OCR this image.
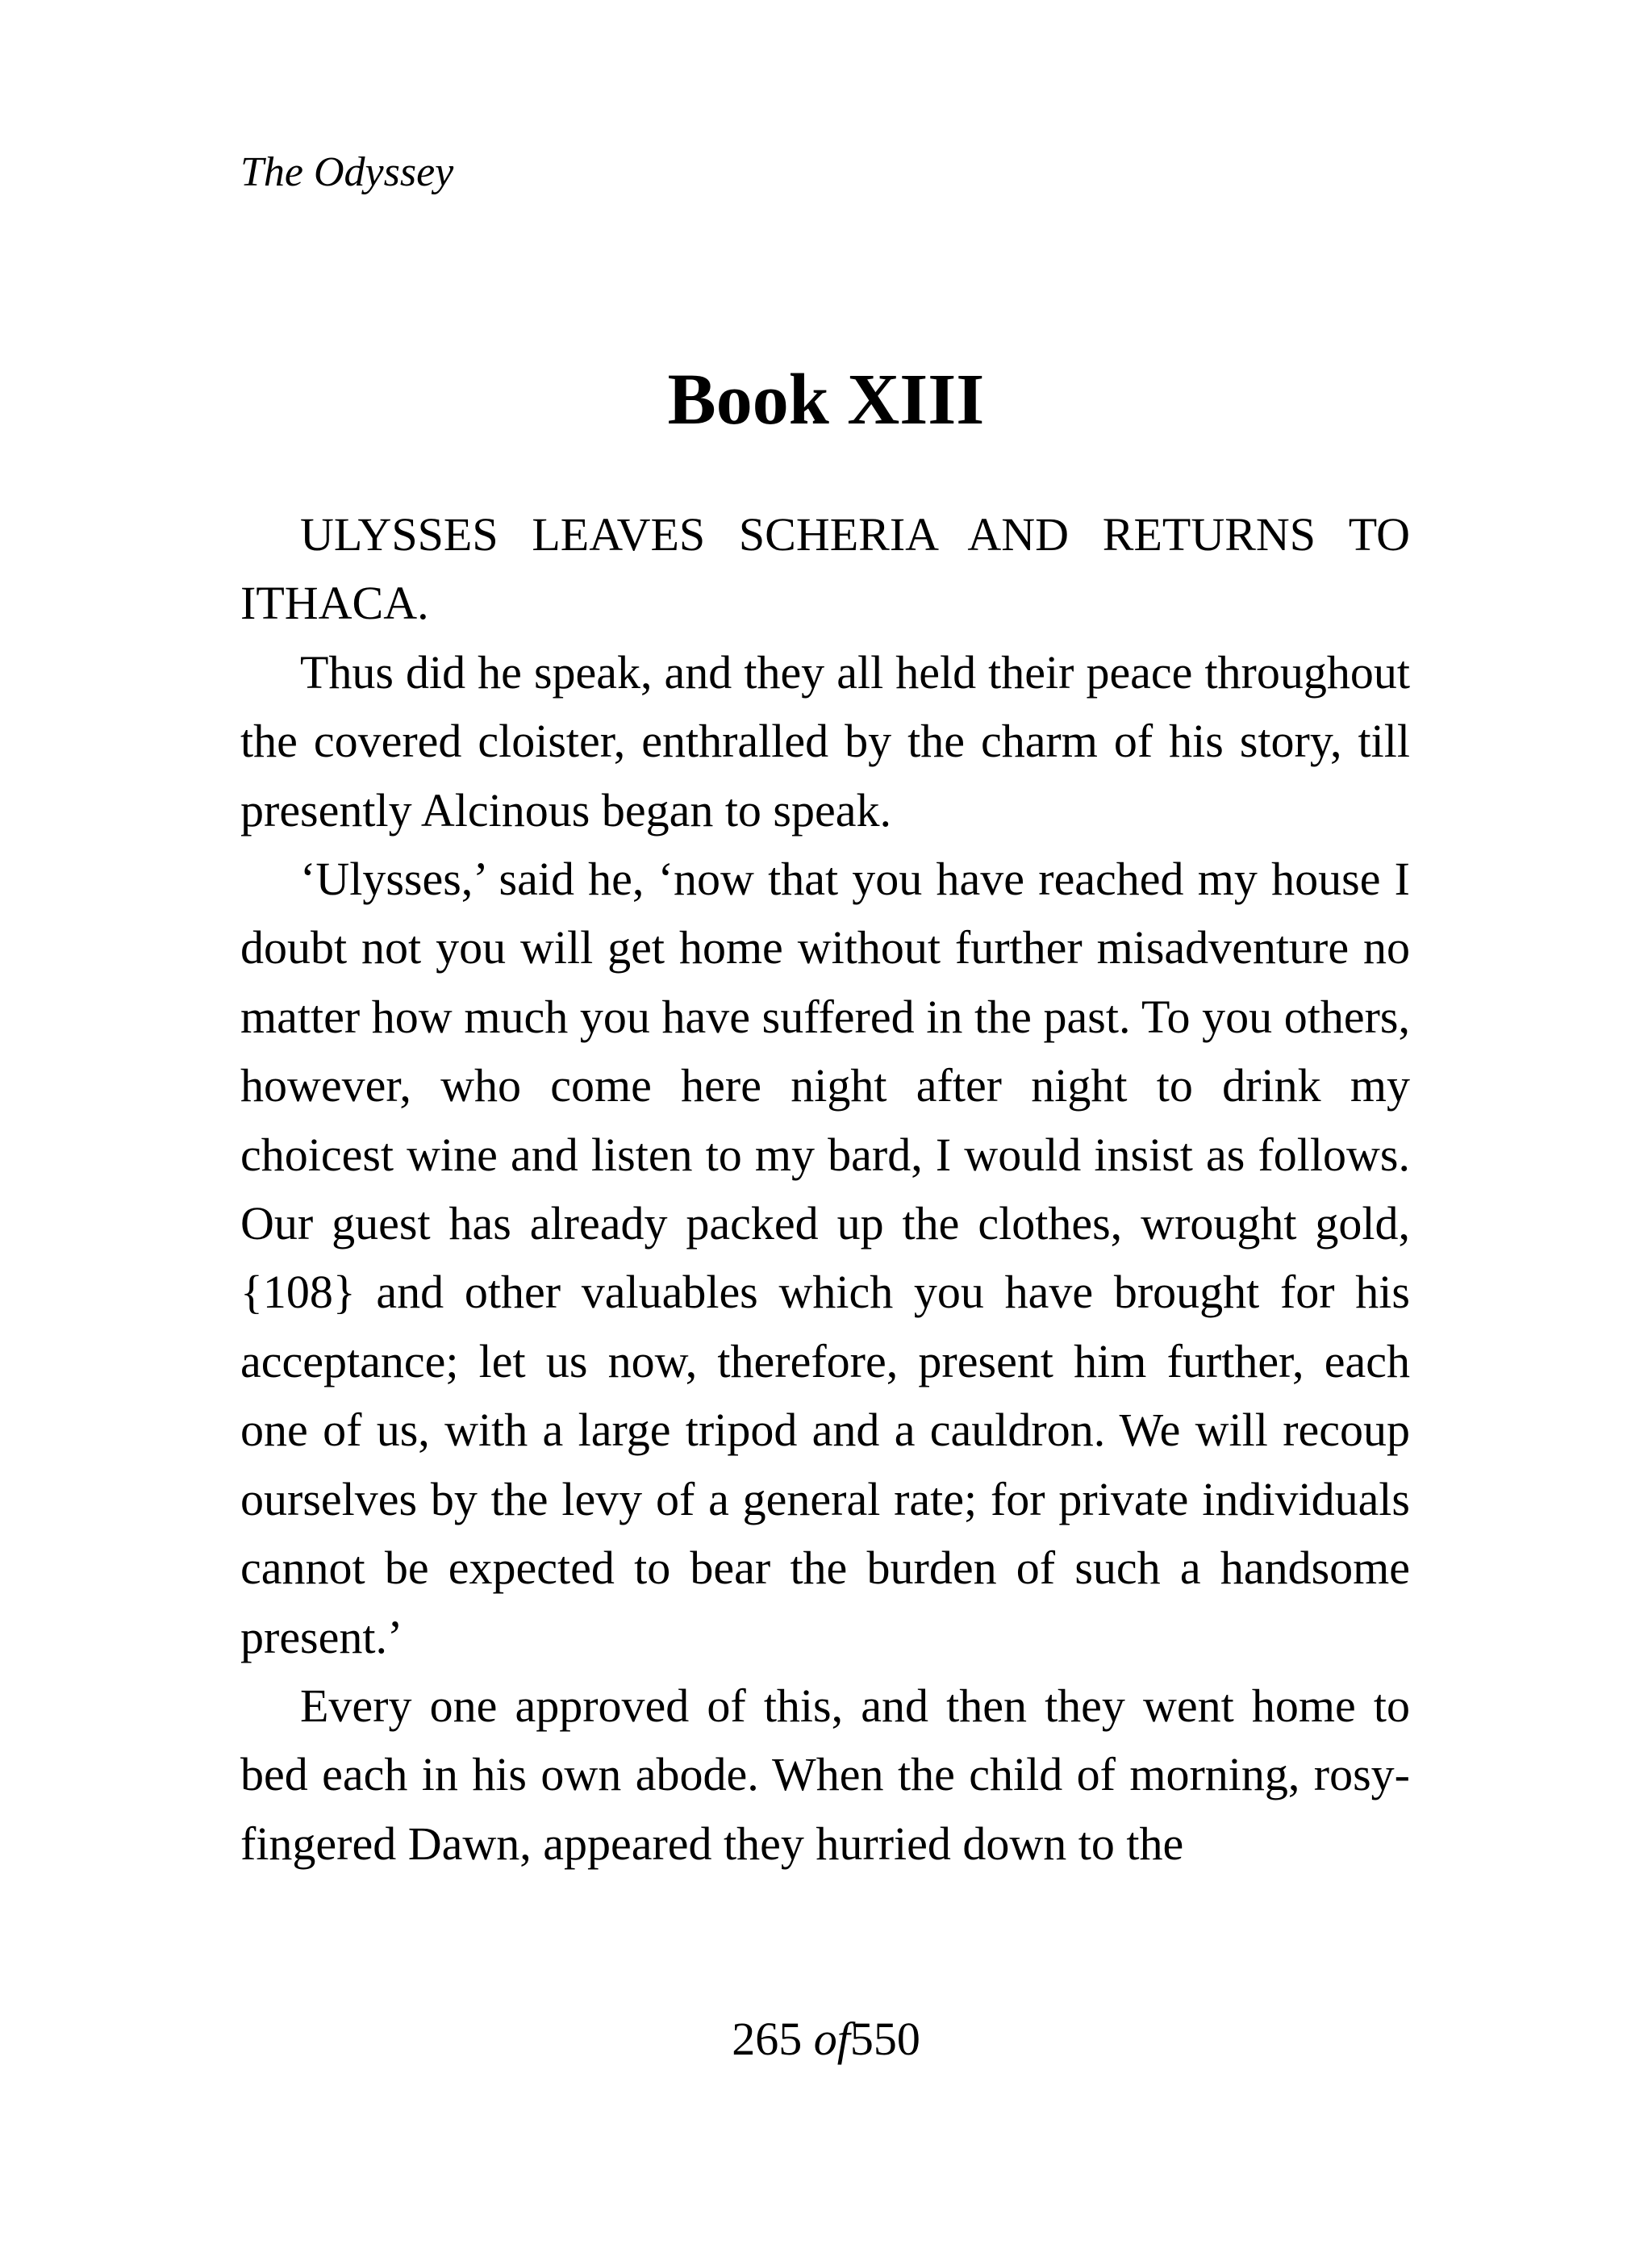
The Odyssey
Book XIII

ULYSSES LEAVES SCHERIA AND RETURNS TO ITHACA.

Thus did he speak, and they all held their peace throughout the covered cloister, enthralled by the charm of his story, till presently Alcinous began to speak.

‘Ulysses,’ said he, ‘now that you have reached my house I doubt not you will get home without further misadventure no matter how much you have suffered in the past. To you others, however, who come here night after night to drink my choicest wine and listen to my bard, I would insist as follows. Our guest has already packed up the clothes, wrought gold, {108} and other valuables which you have brought for his acceptance; let us now, therefore, present him further, each one of us, with a large tripod and a cauldron. We will recoup ourselves by the levy of a general rate; for private individuals cannot be expected to bear the burden of such a handsome present.’

Every one approved of this, and then they went home to bed each in his own abode. When the child of morning, rosy-fingered Dawn, appeared they hurried down to the

265 of550
